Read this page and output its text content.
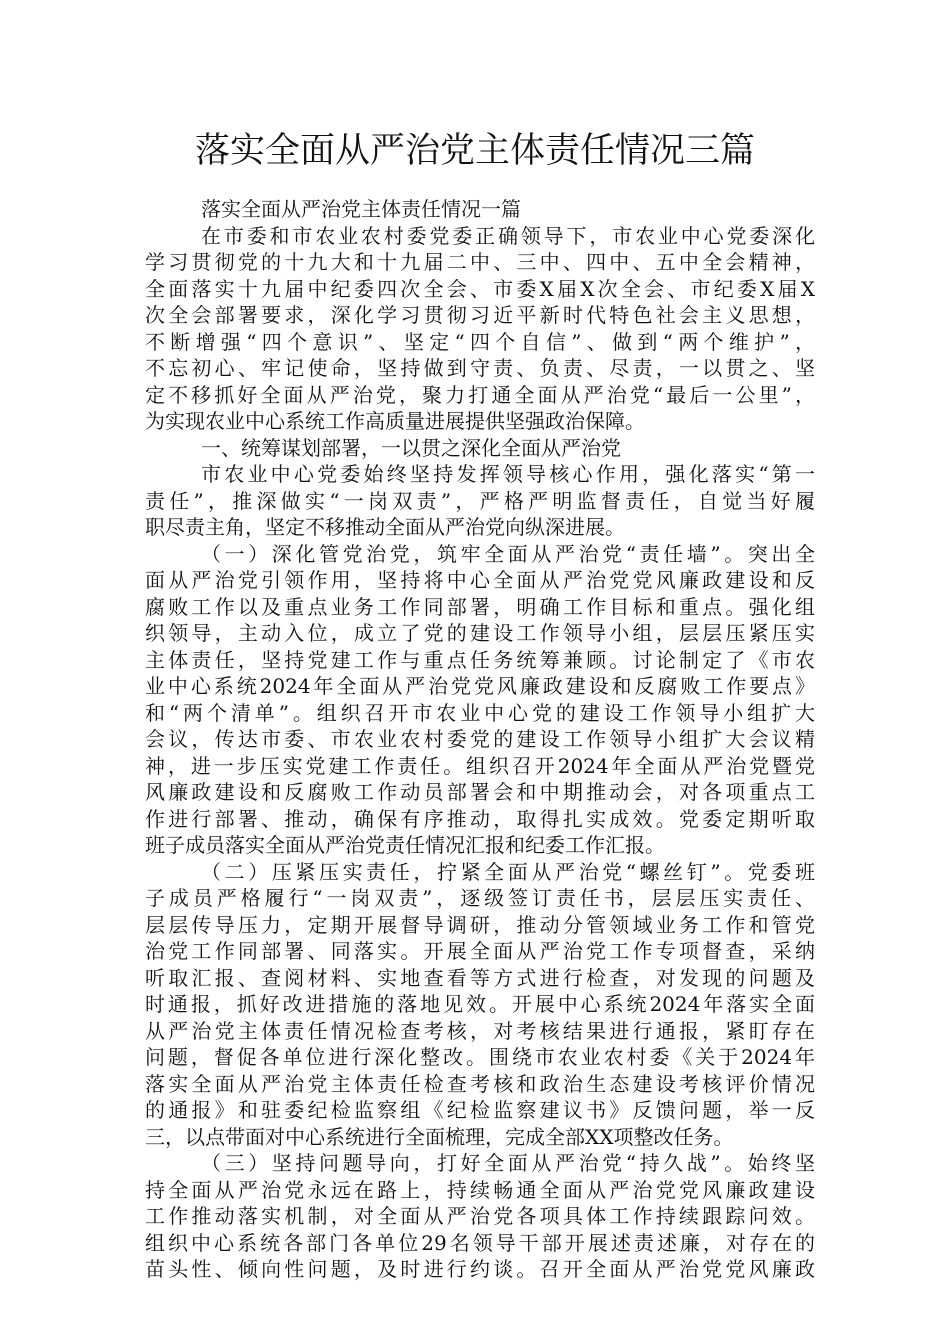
落实全面从严治党主体责任情况三篇
落实全面从严治党主体责任情况一篇
在市委和市农业农村委党委正确领导下，市农业中心党委深化
学习贯彻党的十九大和十九届二中、三中、四中、五中全会精神，
全面落实十九届中纪委四次全会、市委X届X次全会、市纪委X届X
次全会部署要求，深化学习贯彻习近平新时代特色社会主义思想，
不断增强“四个意识”、坚定“四个自信”、做到“两个维护”，
不忘初心、牢记使命，坚持做到守责、负责、尽责，一以贯之、坚
定不移抓好全面从严治党，聚力打通全面从严治党“最后一公里”，
为实现农业中心系统工作高质量进展提供坚强政治保障。
一、统筹谋划部署，一以贯之深化全面从严治党
市农业中心党委始终坚持发挥领导核心作用，强化落实“第一
责任”，推深做实“一岗双责”，严格严明监督责任，自觉当好履
职尽责主角，坚定不移推动全面从严治党向纵深进展。
（一）深化管党治党，筑牢全面从严治党“责任墙”。突出全
面从严治党引领作用，坚持将中心全面从严治党党风廉政建设和反
腐败工作以及重点业务工作同部署，明确工作目标和重点。强化组
织领导，主动入位，成立了党的建设工作领导小组，层层压紧压实
主体责任，坚持党建工作与重点任务统筹兼顾。讨论制定了《市农
业中心系统2024年全面从严治党党风廉政建设和反腐败工作要点》
和“两个清单”。组织召开市农业中心党的建设工作领导小组扩大
会议，传达市委、市农业农村委党的建设工作领导小组扩大会议精
神，进一步压实党建工作责任。组织召开2024年全面从严治党暨党
风廉政建设和反腐败工作动员部署会和中期推动会，对各项重点工
作进行部署、推动，确保有序推动，取得扎实成效。党委定期听取
班子成员落实全面从严治党责任情况汇报和纪委工作汇报。
（二）压紧压实责任，拧紧全面从严治党“螺丝钉”。党委班
子成员严格履行“一岗双责”，逐级签订责任书，层层压实责任、
层层传导压力，定期开展督导调研，推动分管领域业务工作和管党
治党工作同部署、同落实。开展全面从严治党工作专项督查，采纳
听取汇报、查阅材料、实地查看等方式进行检查，对发现的问题及
时通报，抓好改进措施的落地见效。开展中心系统2024年落实全面
从严治党主体责任情况检查考核，对考核结果进行通报，紧盯存在
问题，督促各单位进行深化整改。围绕市农业农村委《关于2024年
落实全面从严治党主体责任检查考核和政治生态建设考核评价情况
的通报》和驻委纪检监察组《纪检监察建议书》反馈问题，举一反
三，以点带面对中心系统进行全面梳理，完成全部XX项整改任务。
（三）坚持问题导向，打好全面从严治党“持久战”。始终坚
持全面从严治党永远在路上，持续畅通全面从严治党党风廉政建设
工作推动落实机制，对全面从严治党各项具体工作持续跟踪问效。
组织中心系统各部门各单位29名领导干部开展述责述廉，对存在的
苗头性、倾向性问题，及时进行约谈。召开全面从严治党党风廉政
